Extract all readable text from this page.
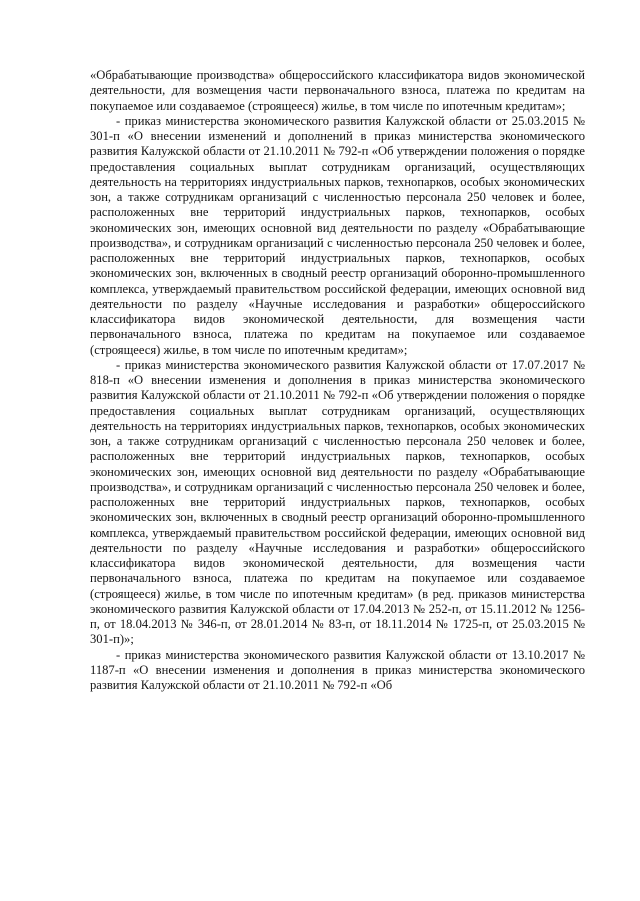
«Обрабатывающие производства» общероссийского классификатора видов экономической деятельности, для возмещения части первоначального взноса, платежа по кредитам на покупаемое или создаваемое (строящееся) жилье, в том числе по ипотечным кредитам»;

- приказ министерства экономического развития Калужской области от 25.03.2015 № 301-п «О внесении изменений и дополнений в приказ министерства экономического развития Калужской области от 21.10.2011 № 792-п «Об утверждении положения о порядке предоставления социальных выплат сотрудникам организаций, осуществляющих деятельность на территориях индустриальных парков, технопарков, особых экономических зон, а также сотрудникам организаций с численностью персонала 250 человек и более, расположенных вне территорий индустриальных парков, технопарков, особых экономических зон, имеющих основной вид деятельности по разделу «Обрабатывающие производства», и сотрудникам организаций с численностью персонала 250 человек и более, расположенных вне территорий индустриальных парков, технопарков, особых экономических зон, включенных в сводный реестр организаций оборонно-промышленного комплекса, утверждаемый правительством российской федерации, имеющих основной вид деятельности по разделу «Научные исследования и разработки» общероссийского классификатора видов экономической деятельности, для возмещения части первоначального взноса, платежа по кредитам на покупаемое или создаваемое (строящееся) жилье, в том числе по ипотечным кредитам»;

- приказ министерства экономического развития Калужской области от 17.07.2017 № 818-п «О внесении изменения и дополнения в приказ министерства экономического развития Калужской области от 21.10.2011 № 792-п «Об утверждении положения о порядке предоставления социальных выплат сотрудникам организаций, осуществляющих деятельность на территориях индустриальных парков, технопарков, особых экономических зон, а также сотрудникам организаций с численностью персонала 250 человек и более, расположенных вне территорий индустриальных парков, технопарков, особых экономических зон, имеющих основной вид деятельности по разделу «Обрабатывающие производства», и сотрудникам организаций с численностью персонала 250 человек и более, расположенных вне территорий индустриальных парков, технопарков, особых экономических зон, включенных в сводный реестр организаций оборонно-промышленного комплекса, утверждаемый правительством российской федерации, имеющих основной вид деятельности по разделу «Научные исследования и разработки» общероссийского классификатора видов экономической деятельности, для возмещения части первоначального взноса, платежа по кредитам на покупаемое или создаваемое (строящееся) жилье, в том числе по ипотечным кредитам» (в ред. приказов министерства экономического развития Калужской области от 17.04.2013 № 252-п, от 15.11.2012 № 1256-п, от 18.04.2013 № 346-п, от 28.01.2014 № 83-п, от 18.11.2014 № 1725-п, от 25.03.2015 № 301-п)»;

- приказ министерства экономического развития Калужской области от 13.10.2017 № 1187-п «О внесении изменения и дополнения в приказ министерства экономического развития Калужской области от 21.10.2011 № 792-п «Об
